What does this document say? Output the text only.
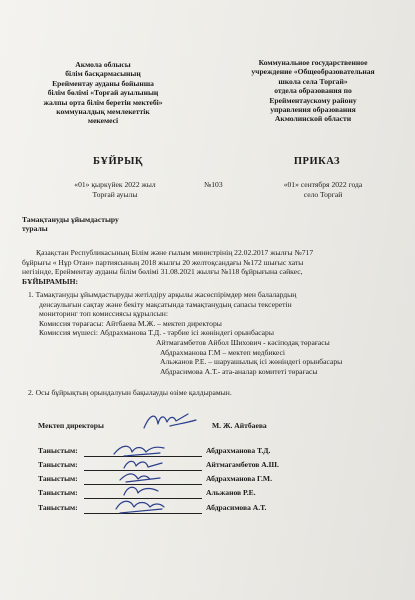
Акмола облысы
білім басқармасының
Ерейментау ауданы бойынша
білім бөлімі «Торғай ауылының
жалпы орта білім беретін мектебі»
коммуналдық мемлекеттік
мекемесі
Коммунальное государственное
учреждение «Общеобразовательная
школа села Торгай»
отдела образования по
Ерейментаускому району
управления образования
Акмолинской области
БҰЙРЫҚ	ПРИКАЗ
«01» қыркүйек 2022 жыл
Торғай ауылы
№103	«01» сентября 2022 года
село Торгай
Тамақтануды ұйымдастыру
туралы
Қазақстан Республикасының Білім және ғылым министрінің 22.02.2017 жылғы №717
бұйрығы « Нұр Отан» партиясының 2018 жылғы 20 желтоқсандағы №172 шығыс хаты
негізінде, Ерейментау ауданы білім бөлімі 31.08.2021 жылғы №118 бұйрығына сәйкес,
БҰЙЫРАМЫН:
1. Тамақтануды ұйымдастыруды жетілдіру арқылы жасөспірімдер мен балалардың
денсаулығын сақтау және бекіту мақсатында тамақтанудың сапасы тексеретін
мониторинг топ комиссиясы құрылсын:
Комиссия төрағасы: Айтбаева М.Ж. – мектеп директоры
Комиссия мүшесі: Абдрахманова Т.Д. - тәрбие ісі жөніндегі орынбасары
Айтмагамбетов Айбол Шихович - кәсіподақ төрағасы
Абдрахманова Г.М – мектеп медбикесі
Альжанов Р.Е. – шаруашылық ісі жөніндегі орынбасары
Абдрасимова А.Т.- ата-аналар комитеті төрағасы
2. Осы бұйрықтың орындалуын бақылауды өзіме қалдырамын.
Мектеп директоры	М. Ж. Айтбаева
Таныстым:	Абдрахманова Т.Д.
Таныстым:	Айтмагамбетов А.Ш.
Таныстым:	Абдрахманова Г.М.
Таныстым:	Альжанов Р.Е.
Таныстым:	Абдрасимова А.Т.
